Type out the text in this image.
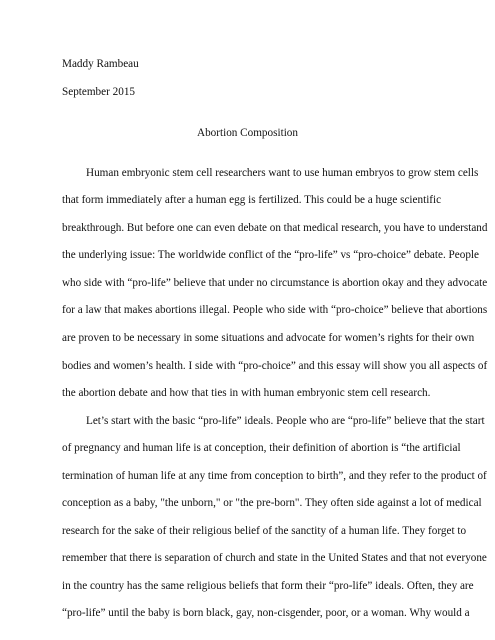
Maddy Rambeau

September 2015

Abortion Composition

Human embryonic stem cell researchers want to use human embryos to grow stem cells

that form immediately after a human egg is fertilized. This could be a huge scientific

breakthrough. But before one can even debate on that medical research, you have to understand

the underlying issue: The worldwide conflict of the “pro-life” vs “pro-choice” debate. People

who side with “pro-life” believe that under no circumstance is abortion okay and they advocate

for a law that makes abortions illegal. People who side with “pro-choice” believe that abortions

are proven to be necessary in some situations and advocate for women’s rights for their own

bodies and women’s health. I side with “pro-choice” and this essay will show you all aspects of

the abortion debate and how that ties in with human embryonic stem cell research.

Let’s start with the basic “pro-life” ideals. People who are “pro-life” believe that the start

of pregnancy and human life is at conception, their definition of abortion is “the artificial

termination of human life at any time from conception to birth”, and they refer to the product of

conception as a baby, "the unborn," or "the pre-born". They often side against a lot of medical

research for the sake of their religious belief of the sanctity of a human life. They forget to

remember that there is separation of church and state in the United States and that not everyone

in the country has the same religious beliefs that form their “pro-life” ideals. Often, they are

“pro-life” until the baby is born black, gay, non-cisgender, poor, or a woman. Why would a
